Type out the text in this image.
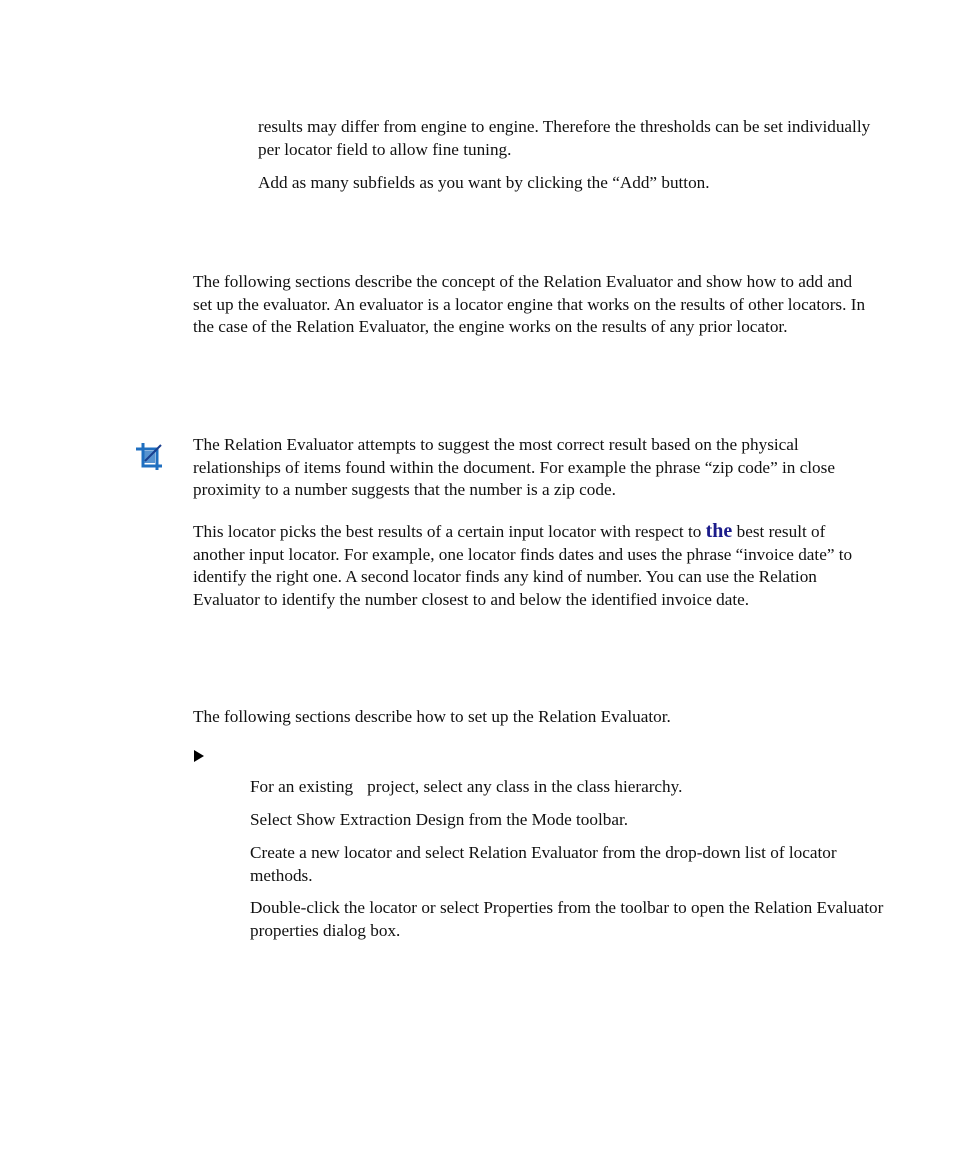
results may differ from engine to engine. Therefore the thresholds can be set individually per locator field to allow fine tuning.

Add as many subfields as you want by clicking the “Add” button.

The following sections describe the concept of the Relation Evaluator and show how to add and set up the evaluator. An evaluator is a locator engine that works on the results of other locators. In the case of the Relation Evaluator, the engine works on the results of any prior locator.

The Relation Evaluator attempts to suggest the most correct result based on the physical relationships of items found within the document. For example the phrase “zip code” in close proximity to a number suggests that the number is a zip code.

This locator picks the best results of a certain input locator with respect to the best result of another input locator. For example, one locator finds dates and uses the phrase “invoice date” to identify the right one. A second locator finds any kind of number. You can use the Relation Evaluator to identify the number closest to and below the identified invoice date.

The following sections describe how to set up the Relation Evaluator.

For an existing project, select any class in the class hierarchy.

Select Show Extraction Design from the Mode toolbar.

Create a new locator and select Relation Evaluator from the drop-down list of locator methods.

Double-click the locator or select Properties from the toolbar to open the Relation Evaluator properties dialog box.
